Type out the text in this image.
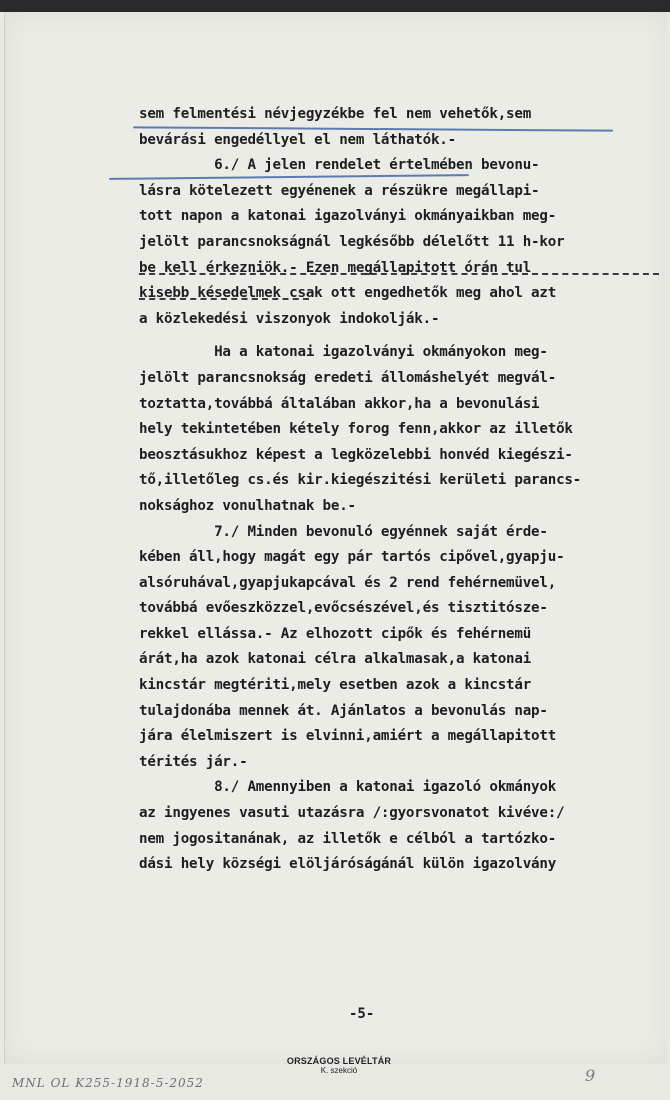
sem felmentési névjegyzékbe fel nem vehetők,sem
bevárási engedéllyel el nem láthatók.-
6./ A jelen rendelet értelmében bevonu-
lásra kötelezett egyénenek a részükre megállapi-
tott napon a katonai igazolványi okmányaikban meg-
jelölt parancsnokságnál legkésőbb délelőtt 11 h-kor
be kell érkezniök.- Ezen megállapitott órán tul
kisebb késedelmek csak ott engedhetők meg ahol azt
a közlekedési viszonyok indokolják.-
Ha a katonai igazolványi okmányokon meg-
jelölt parancsnokság eredeti állomáshelyét megvál-
toztatta,továbbá általában akkor,ha a bevonulási
hely tekintetében kétely forog fenn,akkor az illetők
beosztásukhoz képest a legközelebbi honvéd kiegészi-
tő,illetőleg cs.és kir.kiegészitési kerületi parancs-
noksághoz vonulhatnak be.-
7./ Minden bevonuló egyénnek saját érde-
kében áll,hogy magát egy pár tartós cipővel,gyapju-
alsóruhával,gyapjukapcával és 2 rend fehérnemüvel,
továbbá evőeszközzel,evőcsészével,és tisztitósze-
rekkel ellássa.- Az elhozott cipők és fehérnemü
árát,ha azok katonai célra alkalmasak,a katonai
kincstár megtériti,mely esetben azok a kincstár
tulajdonába mennek át. Ajánlatos a bevonulás nap-
jára élelmiszert is elvinni,amiért a megállapitott
térités jár.-
8./ Amennyiben a katonai igazoló okmányok
az ingyenes vasuti utazásra /:gyorsvonatot kivéve:/
nem jogositanának, az illetők e célból a tartózko-
dási hely községi elöljáróságánál külön igazolvány
-5-
ORSZÁGOS LEVÉLTÁR
K. szekció
MNL OL K255-1918-5-2052	9
